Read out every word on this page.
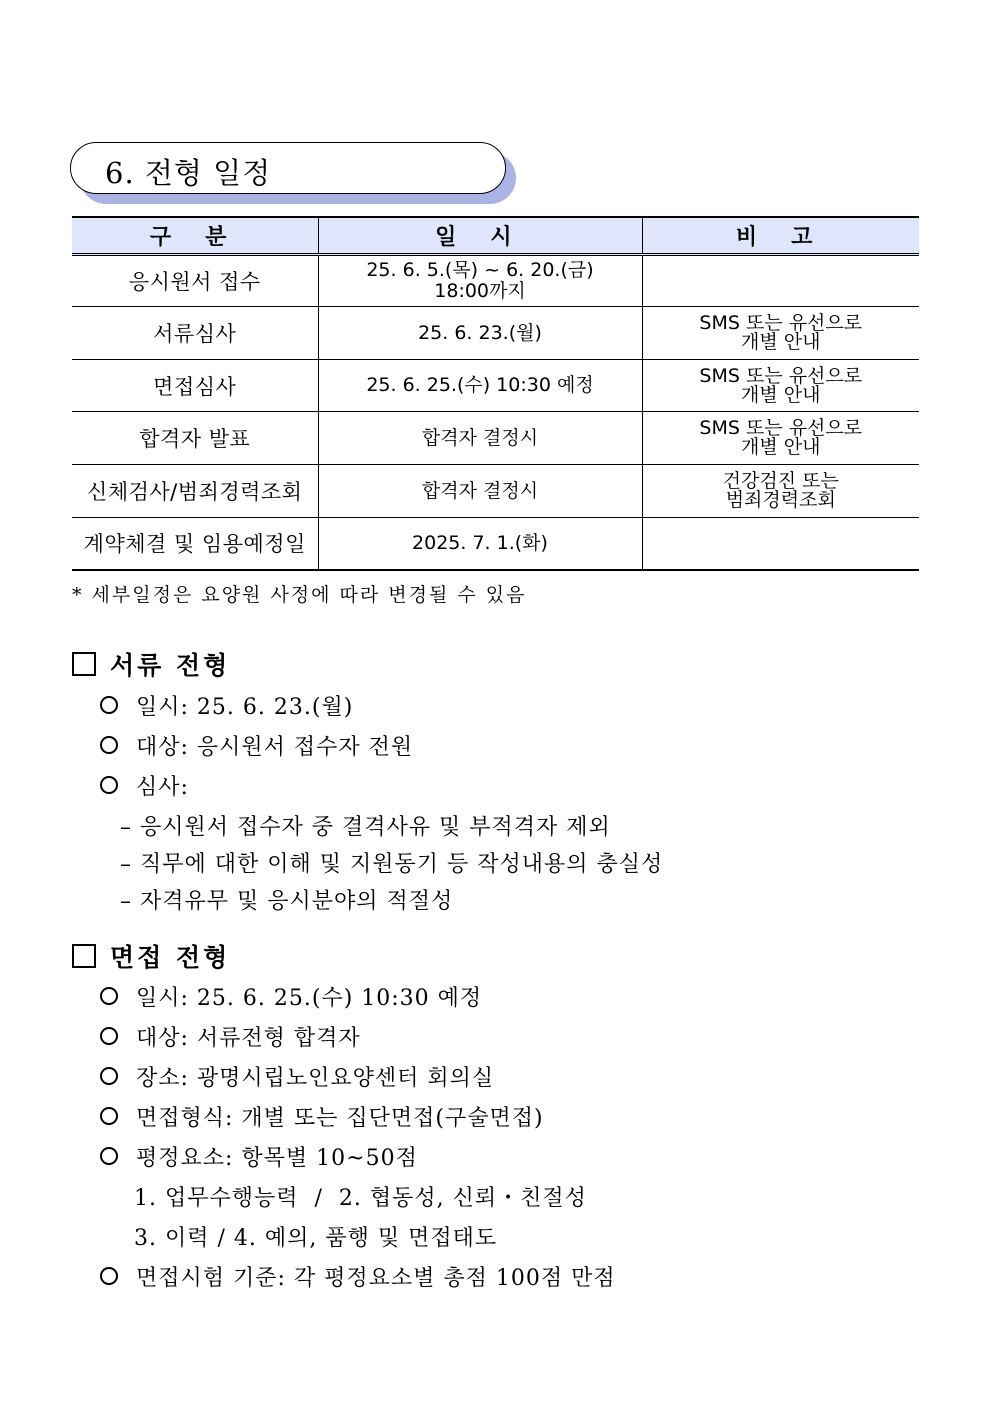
6. 전형 일정
구 분	일 시	비 고
응시원서 접수	25. 6. 5.(목) ~ 6. 20.(금)
18:00까지	

서류심사	25. 6. 23.(월)	SMS 또는 유선으로
개별 안내

면접심사	25. 6. 25.(수) 10:30 예정	SMS 또는 유선으로
개별 안내

합격자 발표	합격자 결정시	SMS 또는 유선으로
개별 안내

신체검사/범죄경력조회	합격자 결정시	건강검진 또는
범죄경력조회

계약체결 및 임용예정일	2025. 7. 1.(화)	
* 세부일정은 요양원 사정에 따라 변경될 수 있음
서류 전형
일시: 25. 6. 23.(월)
대상: 응시원서 접수자 전원
심사:
– 응시원서 접수자 중 결격사유 및 부적격자 제외
– 직무에 대한 이해 및 지원동기 등 작성내용의 충실성
– 자격유무 및 응시분야의 적절성
면접 전형
일시: 25. 6. 25.(수) 10:30 예정
대상: 서류전형 합격자
장소: 광명시립노인요양센터 회의실
면접형식: 개별 또는 집단면접(구술면접)
평정요소: 항목별 10~50점
1. 업무수행능력  /  2. 협동성, 신뢰・친절성
3. 이력 / 4. 예의, 품행 및 면접태도
면접시험 기준: 각 평정요소별 총점 100점 만점
